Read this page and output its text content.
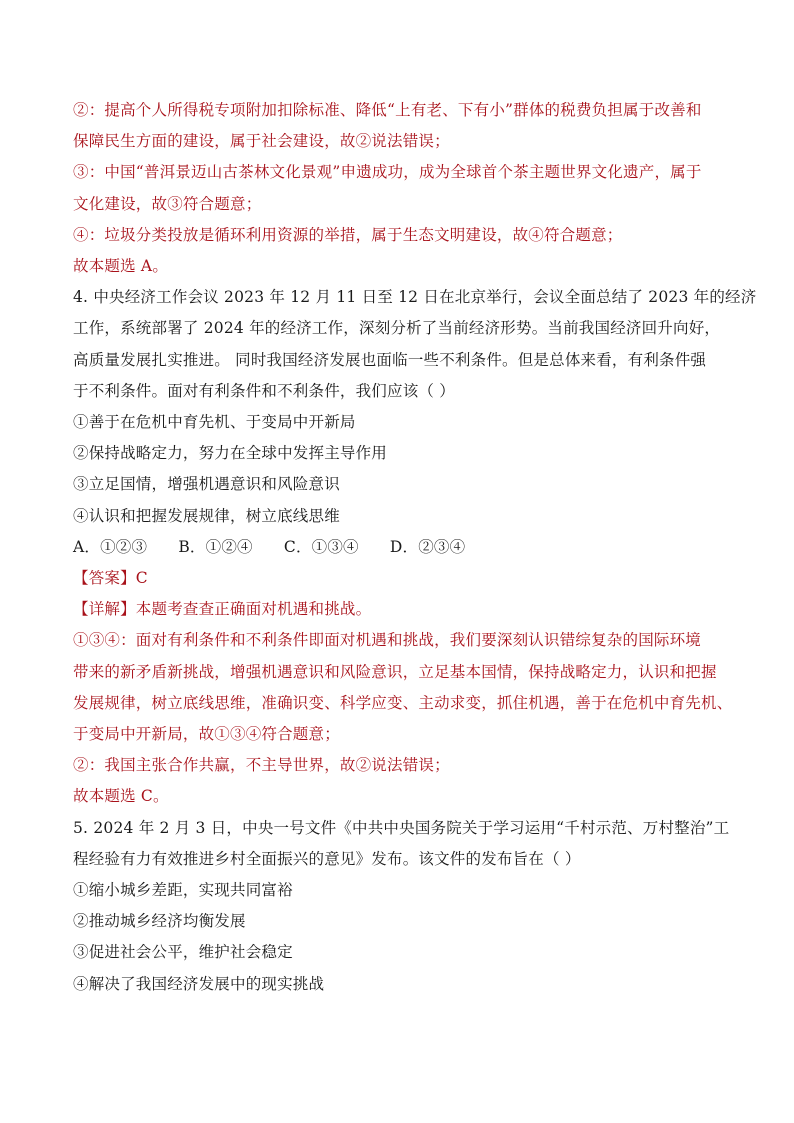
②：提高个人所得税专项附加扣除标准、降低“上有老、下有小”群体的税费负担属于改善和
保障民生方面的建设，属于社会建设，故②说法错误；
③：中国“普洱景迈山古茶林文化景观”申遗成功，成为全球首个茶主题世界文化遗产，属于
文化建设，故③符合题意；
④：垃圾分类投放是循环利用资源的举措，属于生态文明建设，故④符合题意；
故本题选 A。
4. 中央经济工作会议 2023 年 12 月 11 日至 12 日在北京举行，会议全面总结了 2023 年的经济
工作，系统部署了 2024 年的经济工作，深刻分析了当前经济形势。当前我国经济回升向好，
高质量发展扎实推进。 同时我国经济发展也面临一些不利条件。但是总体来看，有利条件强
于不利条件。面对有利条件和不利条件，我们应该（ ）
①善于在危机中育先机、于变局中开新局
②保持战略定力，努力在全球中发挥主导作用
③立足国情，增强机遇意识和风险意识
④认识和把握发展规律，树立底线思维
A．①②③ B．①②④ C．①③④ D．②③④
【答案】C
【详解】本题考查查正确面对机遇和挑战。
①③④：面对有利条件和不利条件即面对机遇和挑战，我们要深刻认识错综复杂的国际环境
带来的新矛盾新挑战，增强机遇意识和风险意识，立足基本国情，保持战略定力，认识和把握
发展规律，树立底线思维，准确识变、科学应变、主动求变，抓住机遇，善于在危机中育先机、
于变局中开新局，故①③④符合题意；
②：我国主张合作共赢，不主导世界，故②说法错误；
故本题选 C。
5. 2024 年 2 月 3 日，中央一号文件《中共中央国务院关于学习运用“千村示范、万村整治”工
程经验有力有效推进乡村全面振兴的意见》发布。该文件的发布旨在（ ）
①缩小城乡差距，实现共同富裕
②推动城乡经济均衡发展
③促进社会公平，维护社会稳定
④解决了我国经济发展中的现实挑战
